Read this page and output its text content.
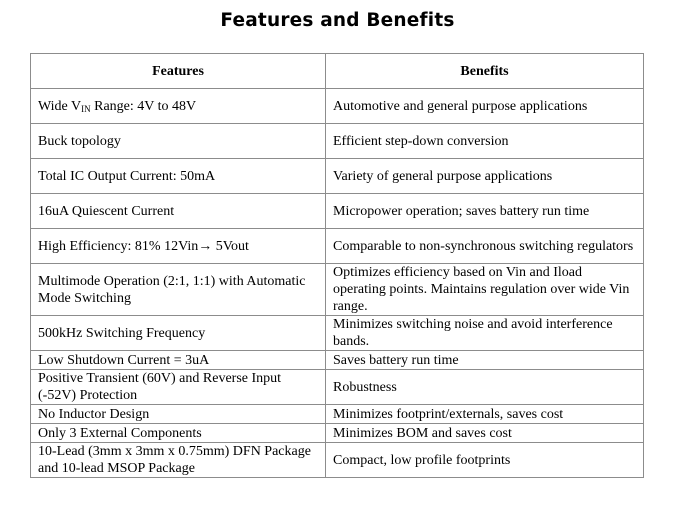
Features and Benefits
Features	Benefits
Wide $V_{IN}$ Range: 4V to 48V	Automotive and general purpose applications
Buck topology	Efficient step-down conversion
Total IC Output Current: 50mA	Variety of general purpose applications
16uA Quiescent Current	Micropower operation; saves battery run time
High Efficiency: 81% 12Vin→ 5Vout	Comparable to non-synchronous switching regulators
Multimode Operation (2:1, 1:1) with Automatic Mode Switching	Optimizes efficiency based on Vin and Iload operating points. Maintains regulation over wide Vin range.
500kHz Switching Frequency	Minimizes switching noise and avoid interference bands.
Low Shutdown Current = 3uA	Saves battery run time
Positive Transient (60V) and Reverse Input (-52V) Protection	Robustness
No Inductor Design	Minimizes footprint/externals, saves cost
Only 3 External Components	Minimizes BOM and saves cost
10-Lead (3mm x 3mm x 0.75mm) DFN Package and 10-lead MSOP Package	Compact, low profile footprints
